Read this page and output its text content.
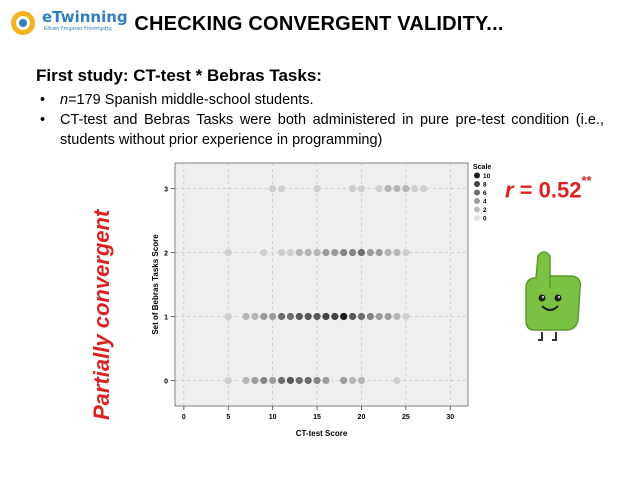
eTwinning
Εθνική Υπηρεσία Υποστήριξης	CHECKING CONVERGENT VALIDITY...
First study: CT-test * Bebras Tasks:
• n=179 Spanish middle-school students.
• CT-test and Bebras Tasks were both administered in pure pre-test condition (i.e., students without prior experience in programming)
Partially convergent
r = 0.52**
0
1
2
3
0	5	10	15	20	25	30
CT-test Score
Set of Bebras Tasks Score
Scale
10
8
6
4
2
0
